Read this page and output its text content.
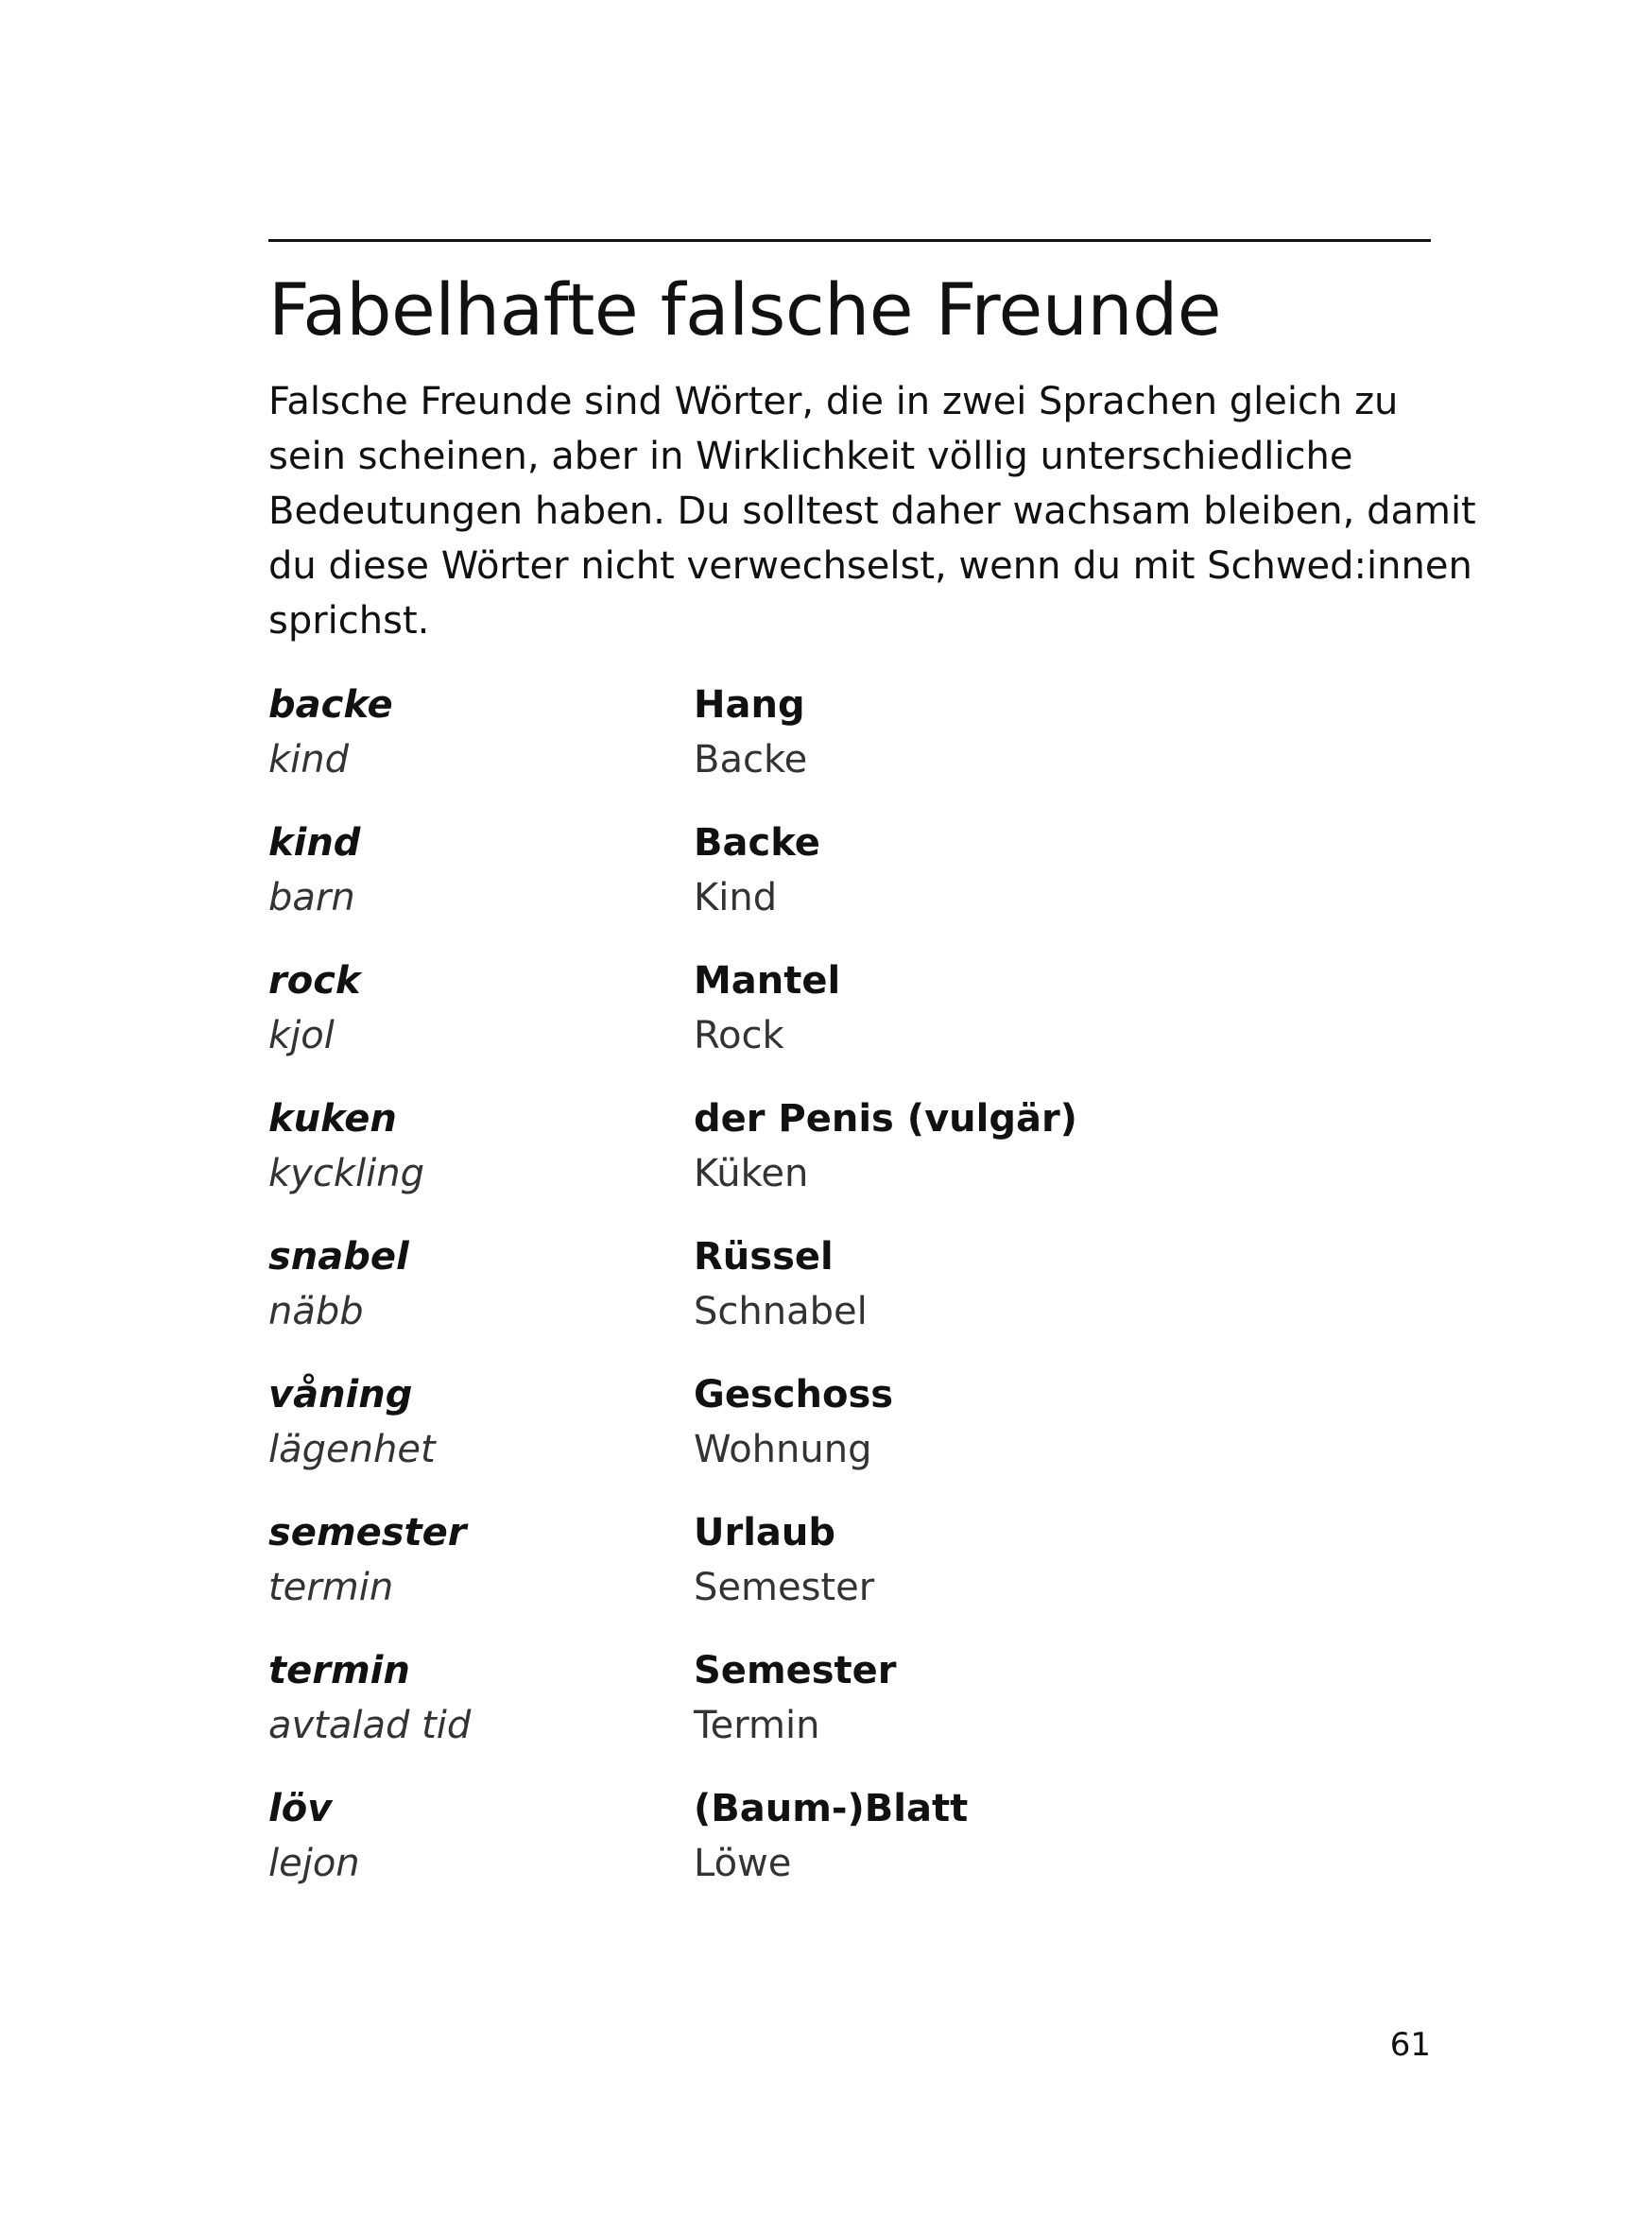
Fabelhafte falsche Freunde

Falsche Freunde sind Wörter, die in zwei Sprachen gleich zu
sein scheinen, aber in Wirklichkeit völlig unterschiedliche
Bedeutungen haben. Du solltest daher wachsam bleiben, damit
du diese Wörter nicht verwechselst, wenn du mit Schwed:innen
sprichst.

backe
kind
Hang
Backe
kind
barn
Backe
Kind
rock
kjol
Mantel
Rock
kuken
kyckling
der Penis (vulgär)
Küken
snabel
näbb
Rüssel
Schnabel
våning
lägenhet
Geschoss
Wohnung
semester
termin
Urlaub
Semester
termin
avtalad tid
Semester
Termin
löv
lejon
(Baum-)Blatt
Löwe
61
